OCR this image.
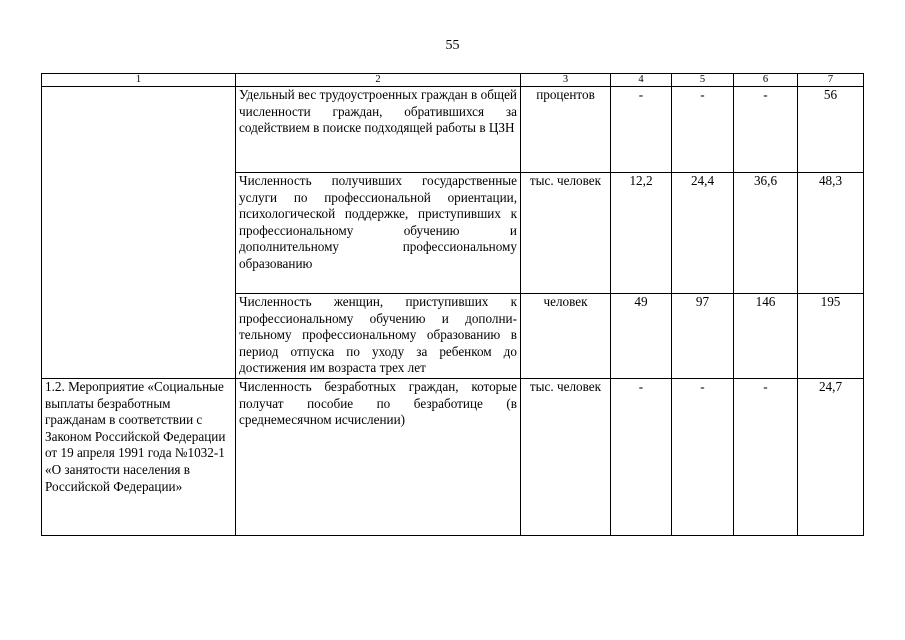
55
1	2	3	4	5	6	7
	Удельный вес трудоустроенных граждан в общей численности граждан, обратившихся за содействием в поиске подходящей работы в ЦЗН	процентов	-	-	-	56
	Численность получивших государственные услуги по профессиональной ориентации, психологической поддержке, приступивших к профессиональному обучению и дополнительному профессиональному образованию	тыс. человек	12,2	24,4	36,6	48,3
	Численность женщин, приступивших к профессиональному обучению и дополнительному профессиональному образованию в период отпуска по уходу за ребенком до достижения им возраста трех лет	человек	49	97	146	195
1.2. Мероприятие «Социальные выплаты безработным гражданам в соответствии с Законом Российской Федерации от 19 апреля 1991 года №1032-1 «О занятости населения в Российской Федерации»	Численность безработных граждан, которые получат пособие по безработице (в среднемесячном исчислении)	тыс. человек	-	-	-	24,7
